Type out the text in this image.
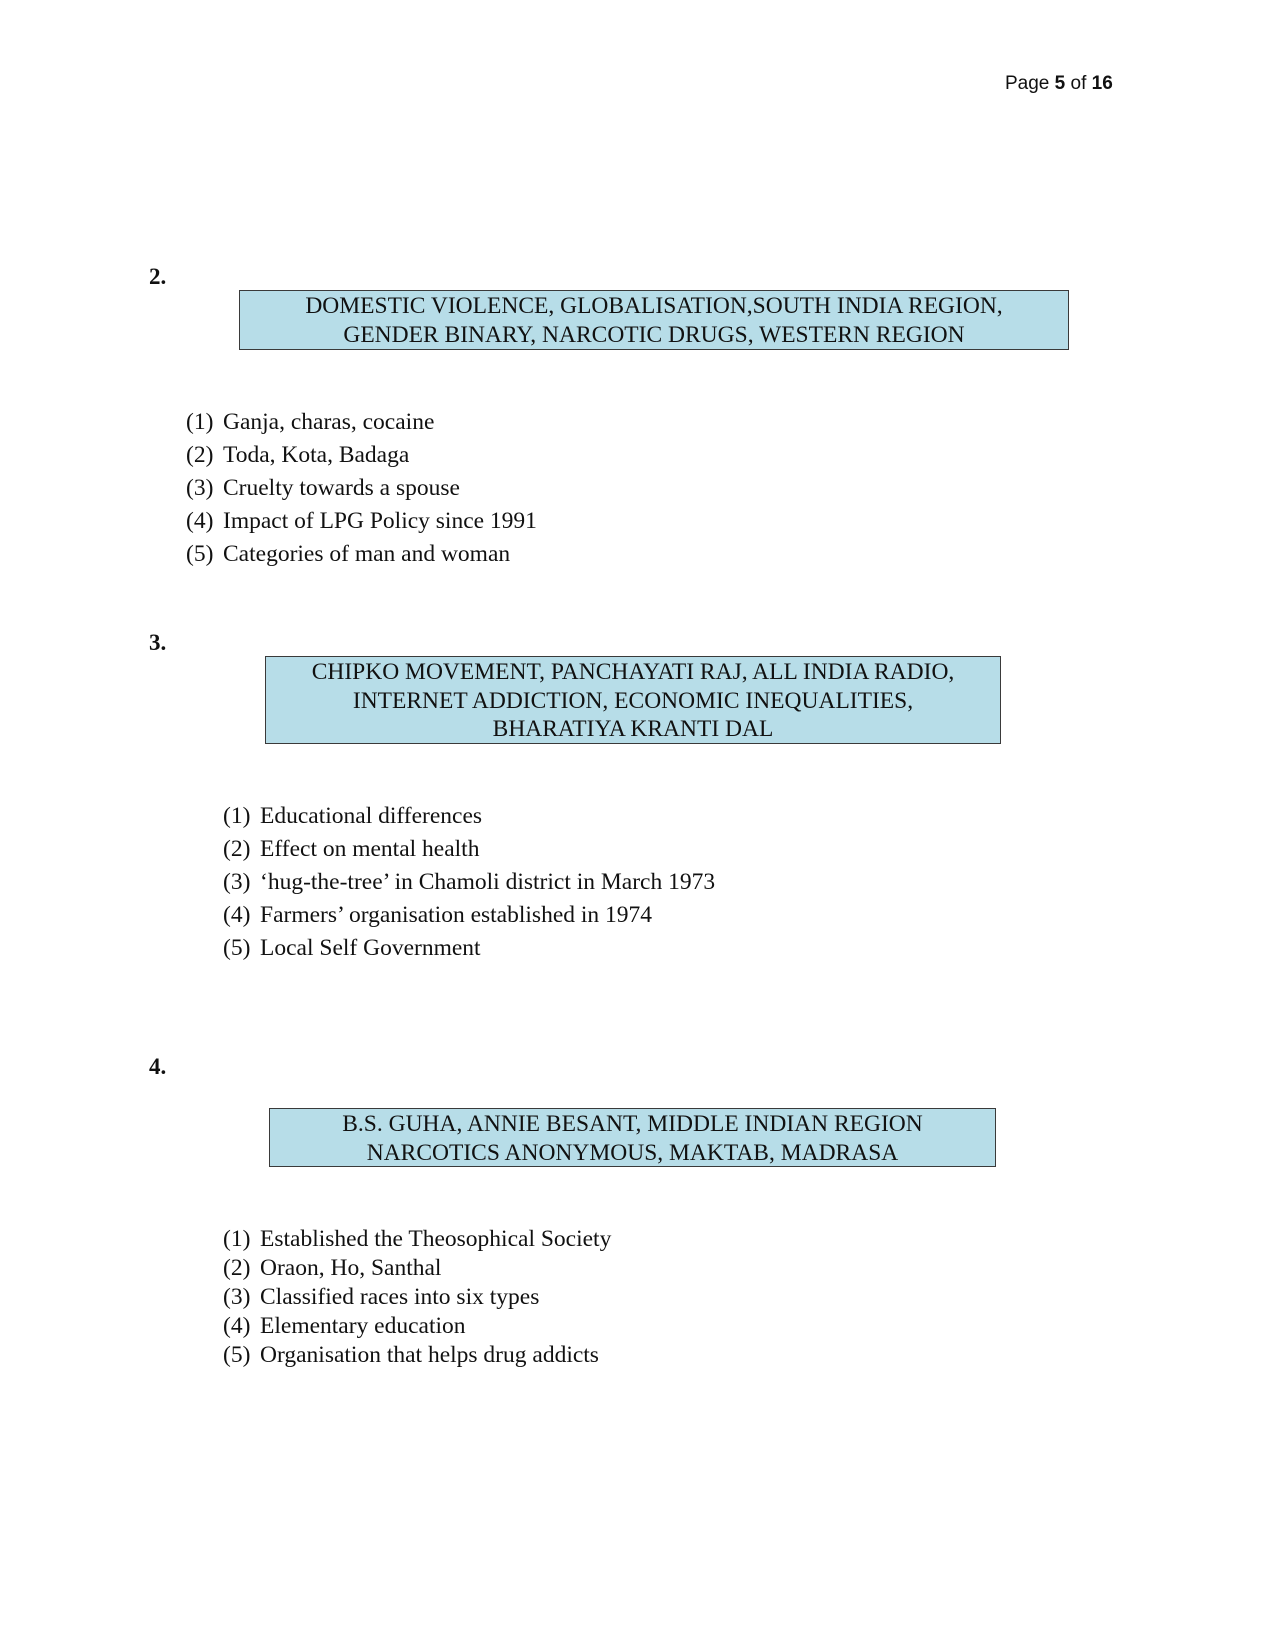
Page 5 of 16
2.
DOMESTIC VIOLENCE, GLOBALISATION,SOUTH INDIA REGION,
GENDER BINARY, NARCOTIC DRUGS, WESTERN REGION
(1) Ganja, charas, cocaine
(2) Toda, Kota, Badaga
(3) Cruelty towards a spouse
(4) Impact of LPG Policy since 1991
(5) Categories of man and woman
3.
CHIPKO MOVEMENT, PANCHAYATI RAJ, ALL INDIA RADIO,
INTERNET ADDICTION, ECONOMIC INEQUALITIES,
BHARATIYA KRANTI DAL
(1) Educational differences
(2) Effect on mental health
(3) ‘hug-the-tree’ in Chamoli district in March 1973
(4) Farmers’ organisation established in 1974
(5) Local Self Government
4.
B.S. GUHA, ANNIE BESANT, MIDDLE INDIAN REGION
NARCOTICS ANONYMOUS, MAKTAB, MADRASA
(1) Established the Theosophical Society
(2) Oraon, Ho, Santhal
(3) Classified races into six types
(4) Elementary education
(5) Organisation that helps drug addicts
